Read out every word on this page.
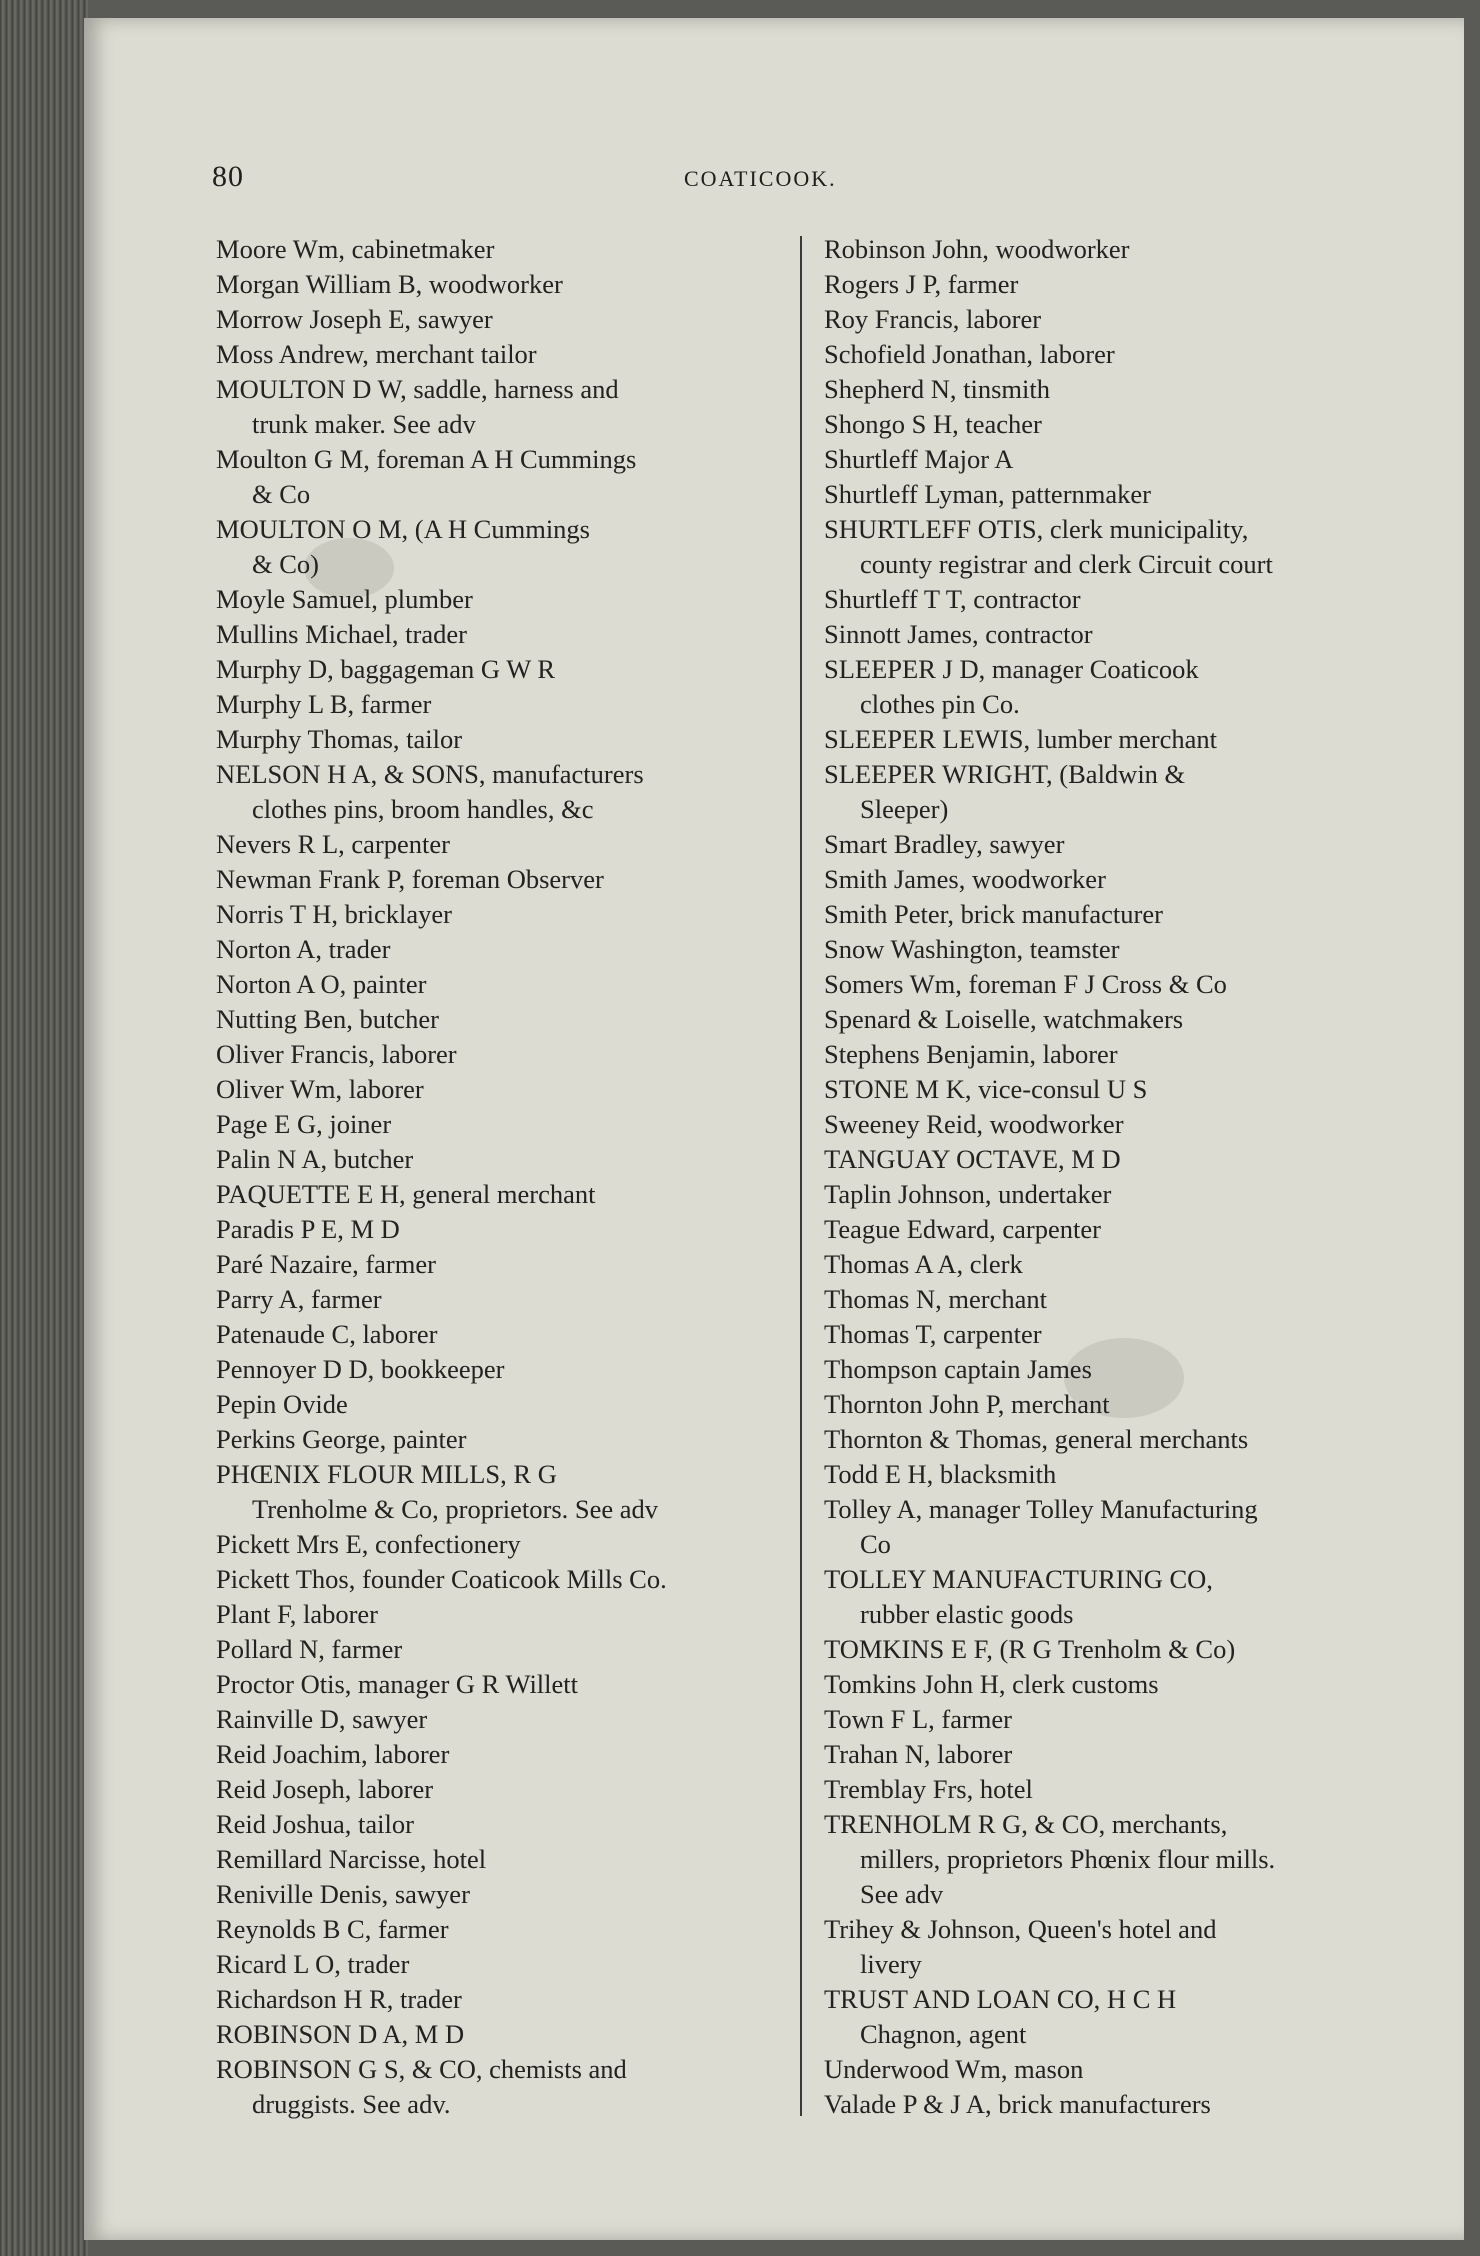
80	COATICOOK.
Moore Wm, cabinetmaker
Morgan William B, woodworker
Morrow Joseph E, sawyer
Moss Andrew, merchant tailor
MOULTON D W, saddle, harness and
trunk maker. See adv
Moulton G M, foreman A H Cummings
& Co
MOULTON O M, (A H Cummings
& Co)
Moyle Samuel, plumber
Mullins Michael, trader
Murphy D, baggageman G W R
Murphy L B, farmer
Murphy Thomas, tailor
NELSON H A, & SONS, manufacturers
clothes pins, broom handles, &c
Nevers R L, carpenter
Newman Frank P, foreman Observer
Norris T H, bricklayer
Norton A, trader
Norton A O, painter
Nutting Ben, butcher
Oliver Francis, laborer
Oliver Wm, laborer
Page E G, joiner
Palin N A, butcher
PAQUETTE E H, general merchant
Paradis P E, M D
Paré Nazaire, farmer
Parry A, farmer
Patenaude C, laborer
Pennoyer D D, bookkeeper
Pepin Ovide
Perkins George, painter
PHŒNIX FLOUR MILLS, R G
Trenholme & Co, proprietors. See adv
Pickett Mrs E, confectionery
Pickett Thos, founder Coaticook Mills Co.
Plant F, laborer
Pollard N, farmer
Proctor Otis, manager G R Willett
Rainville D, sawyer
Reid Joachim, laborer
Reid Joseph, laborer
Reid Joshua, tailor
Remillard Narcisse, hotel
Reniville Denis, sawyer
Reynolds B C, farmer
Ricard L O, trader
Richardson H R, trader
ROBINSON D A, M D
ROBINSON G S, & CO, chemists and
druggists. See adv.
Robinson John, woodworker
Rogers J P, farmer
Roy Francis, laborer
Schofield Jonathan, laborer
Shepherd N, tinsmith
Shongo S H, teacher
Shurtleff Major A
Shurtleff Lyman, patternmaker
SHURTLEFF OTIS, clerk municipality,
county registrar and clerk Circuit court
Shurtleff T T, contractor
Sinnott James, contractor
SLEEPER J D, manager Coaticook
clothes pin Co.
SLEEPER LEWIS, lumber merchant
SLEEPER WRIGHT, (Baldwin &
Sleeper)
Smart Bradley, sawyer
Smith James, woodworker
Smith Peter, brick manufacturer
Snow Washington, teamster
Somers Wm, foreman F J Cross & Co
Spenard & Loiselle, watchmakers
Stephens Benjamin, laborer
STONE M K, vice-consul U S
Sweeney Reid, woodworker
TANGUAY OCTAVE, M D
Taplin Johnson, undertaker
Teague Edward, carpenter
Thomas A A, clerk
Thomas N, merchant
Thomas T, carpenter
Thompson captain James
Thornton John P, merchant
Thornton & Thomas, general merchants
Todd E H, blacksmith
Tolley A, manager Tolley Manufacturing
Co
TOLLEY MANUFACTURING CO,
rubber elastic goods
TOMKINS E F, (R G Trenholm & Co)
Tomkins John H, clerk customs
Town F L, farmer
Trahan N, laborer
Tremblay Frs, hotel
TRENHOLM R G, & CO, merchants,
millers, proprietors Phœnix flour mills.
See adv
Trihey & Johnson, Queen's hotel and
livery
TRUST AND LOAN CO, H C H
Chagnon, agent
Underwood Wm, mason
Valade P & J A, brick manufacturers
